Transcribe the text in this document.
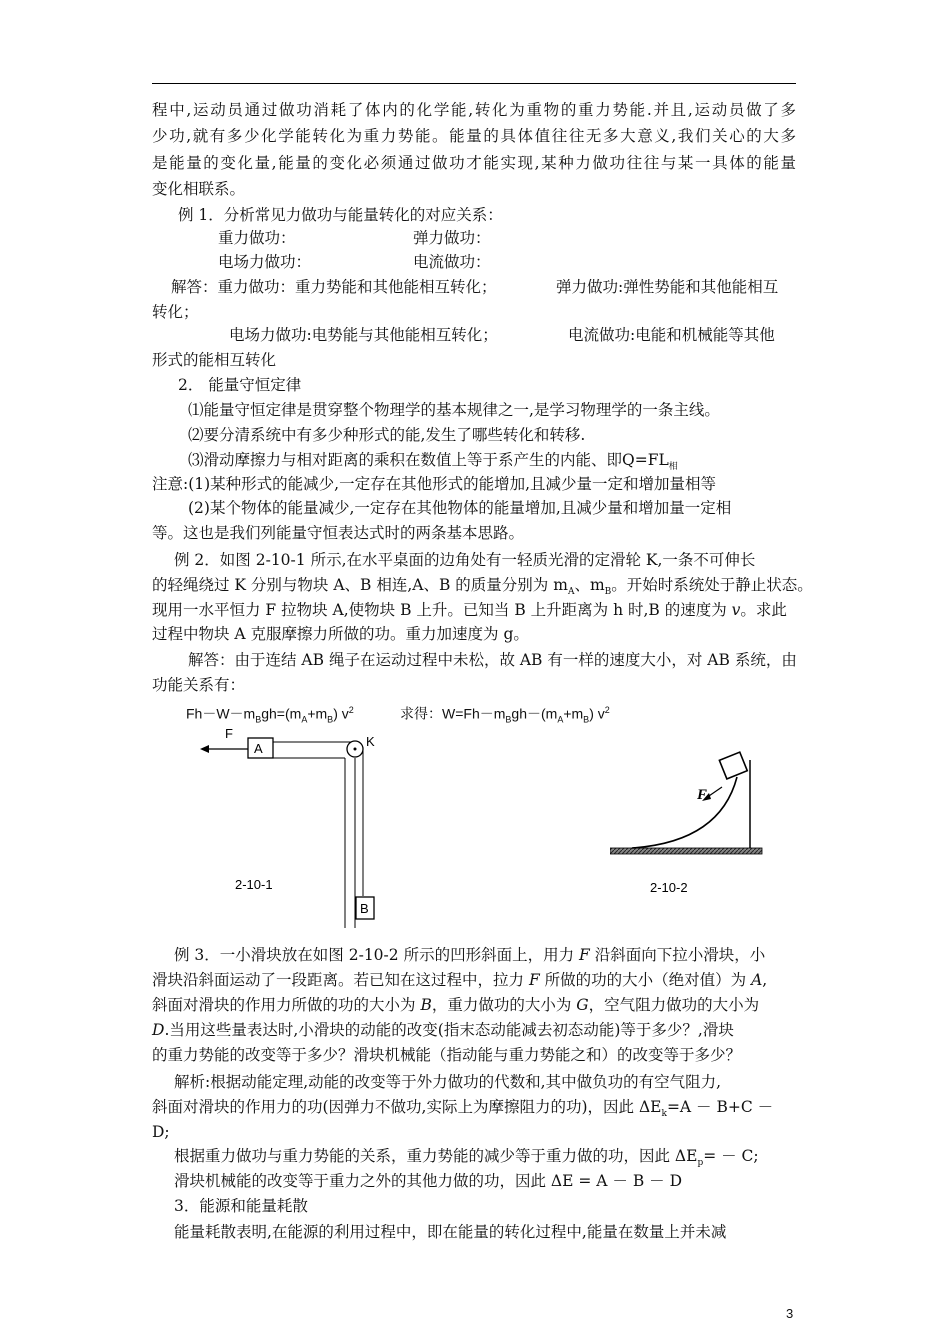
程中,运动员通过做功消耗了体内的化学能,转化为重物的重力势能.并且,运动员做了多
少功,就有多少化学能转化为重力势能。能量的具体值往往无多大意义,我们关心的大多
是能量的变化量,能量的变化必须通过做功才能实现,某种力做功往往与某一具体的能量
变化相联系。
例 1．分析常见力做功与能量转化的对应关系：
重力做功：	弹力做功：
电场力做功：	电流做功：
解答：重力做功：重力势能和其他能相互转化；	弹力做功:弹性势能和其他能相互
转化；
电场力做功:电势能与其他能相互转化；	电流做功:电能和机械能等其他
形式的能相互转化
2． 能量守恒定律
⑴能量守恒定律是贯穿整个物理学的基本规律之一,是学习物理学的一条主线。
⑵要分清系统中有多少种形式的能,发生了哪些转化和转移.
⑶滑动摩擦力与相对距离的乘积在数值上等于系产生的内能、即$Q=FL_相$
注意:(1)某种形式的能减少,一定存在其他形式的能增加,且减少量一定和增加量相等
(2)某个物体的能量减少,一定存在其他物体的能量增加,且减少量和增加量一定相
等。这也是我们列能量守恒表达式时的两条基本思路。
例 2．如图 2-10-1 所示,在水平桌面的边角处有一轻质光滑的定滑轮 K,一条不可伸长
的轻绳绕过 K 分别与物块 A、B 相连,A、B 的质量分别为 $m_A$、$m_B$。开始时系统处于静止状态。
现用一水平恒力 F 拉物块 A,使物块 B 上升。已知当 B 上升距离为 h 时,B 的速度为 v。求此
过程中物块 A 克服摩擦力所做的功。重力加速度为 g。
解答：由于连结 AB 绳子在运动过程中未松，故 AB 有一样的速度大小，对 AB 系统，由
功能关系有：
$Fh-W-m_Bgh=(m_A+m_B)$ $v^2$	求得：$W=Fh-m_Bgh-(m_A+m_B)$ $v^2$
F
A	K
2-10-1
B
F
2-10-2
例 3．一小滑块放在如图 2-10-2 所示的凹形斜面上，用力 F 沿斜面向下拉小滑块，小
滑块沿斜面运动了一段距离。若已知在这过程中，拉力 F 所做的功的大小（绝对值）为 A,
斜面对滑块的作用力所做的功的大小为 B，重力做功的大小为 G，空气阻力做功的大小为
D.当用这些量表达时,小滑块的动能的改变(指末态动能减去初态动能)等于多少？,滑块
的重力势能的改变等于多少？滑块机械能（指动能与重力势能之和）的改变等于多少？
解析:根据动能定理,动能的改变等于外力做功的代数和,其中做负功的有空气阻力,
斜面对滑块的作用力的功(因弹力不做功,实际上为摩擦阻力的功)，因此 $\Delta E_k=A - B+C$ －
D;
根据重力做功与重力势能的关系，重力势能的减少等于重力做的功，因此 $\Delta E_p= - C$;
滑块机械能的改变等于重力之外的其他力做的功，因此 ΔE = A － B － D
3．能源和能量耗散
能量耗散表明,在能源的利用过程中，即在能量的转化过程中,能量在数量上并未减
3
